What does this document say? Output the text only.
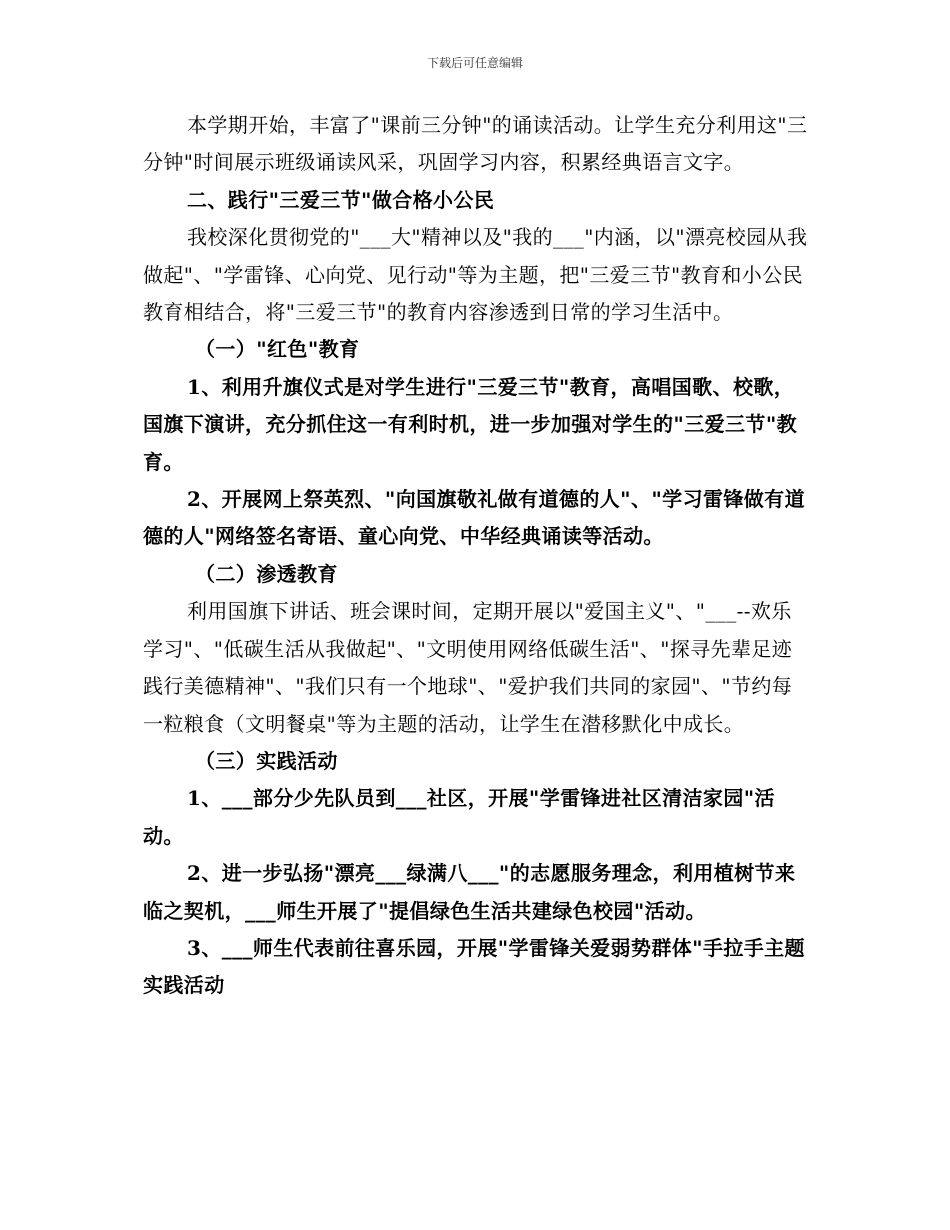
下载后可任意编辑

本学期开始，丰富了"课前三分钟"的诵读活动。让学生充分利用这"三分钟"时间展示班级诵读风采，巩固学习内容，积累经典语言文字。

二、践行"三爱三节"做合格小公民

我校深化贯彻党的"___大"精神以及"我的___"内涵，以"漂亮校园从我做起"、"学雷锋、心向党、见行动"等为主题，把"三爱三节"教育和小公民教育相结合，将"三爱三节"的教育内容渗透到日常的学习生活中。

（一）"红色"教育

1、利用升旗仪式是对学生进行"三爱三节"教育，高唱国歌、校歌，国旗下演讲，充分抓住这一有利时机，进一步加强对学生的"三爱三节"教育。

2、开展网上祭英烈、"向国旗敬礼做有道德的人"、"学习雷锋做有道德的人"网络签名寄语、童心向党、中华经典诵读等活动。

（二）渗透教育

利用国旗下讲话、班会课时间，定期开展以"爱国主义"、"___--欢乐学习"、"低碳生活从我做起"、"文明使用网络低碳生活"、"探寻先辈足迹践行美德精神"、"我们只有一个地球"、"爱护我们共同的家园"、"节约每一粒粮食（文明餐桌"等为主题的活动，让学生在潜移默化中成长。

（三）实践活动

1、___部分少先队员到___社区，开展"学雷锋进社区清洁家园"活动。

2、进一步弘扬"漂亮___绿满八___"的志愿服务理念，利用植树节来临之契机，___师生开展了"提倡绿色生活共建绿色校园"活动。

3、___师生代表前往喜乐园，开展"学雷锋关爱弱势群体"手拉手主题实践活动
